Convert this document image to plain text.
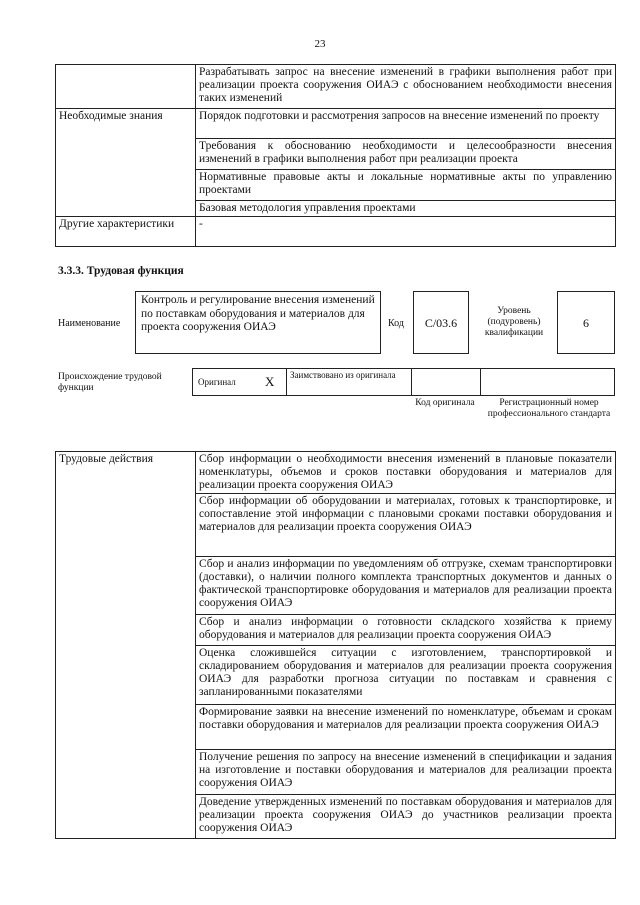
23
	Разрабатывать запрос на внесение изменений в графики выполнения работ при реализации проекта сооружения ОИАЭ с обоснованием необходимости внесения таких изменений
Необходимые знания	Порядок подготовки и рассмотрения запросов на внесение изменений по проекту
	Требования к обоснованию необходимости и целесообразности внесения изменений в графики выполнения работ при реализации проекта
	Нормативные правовые акты и локальные нормативные акты по управлению проектами
	Базовая методология управления проектами
Другие характеристики	-
3.3.3. Трудовая функция
Наименование
Контроль и регулирование внесения изменений по поставкам оборудования и материалов для проекта сооружения ОИАЭ	Код	С/03.6
Уровень (подуровень) квалификации
6
Происхождение трудовой функции
Оригинал X Заимствовано из оригинала
Код оригинала	Регистрационный номер профессионального стандарта
Трудовые действия	Сбор информации о необходимости внесения изменений в плановые показатели номенклатуры, объемов и сроков поставки оборудования и материалов для реализации проекта сооружения ОИАЭ
Сбор информации об оборудовании и материалах, готовых к транспортировке, и сопоставление этой информации с плановыми сроками поставки оборудования и материалов для реализации проекта сооружения ОИАЭ
Сбор и анализ информации по уведомлениям об отгрузке, схемам транспортировки (доставки), о наличии полного комплекта транспортных документов и данных о фактической транспортировке оборудования и материалов для реализации проекта сооружения ОИАЭ
Сбор и анализ информации о готовности складского хозяйства к приему оборудования и материалов для реализации проекта сооружения ОИАЭ
Оценка сложившейся ситуации с изготовлением, транспортировкой и складированием оборудования и материалов для реализации проекта сооружения ОИАЭ для разработки прогноза ситуации по поставкам и сравнения с запланированными показателями
Формирование заявки на внесение изменений по номенклатуре, объемам и срокам поставки оборудования и материалов для реализации проекта сооружения ОИАЭ
Получение решения по запросу на внесение изменений в спецификации и задания на изготовление и поставки оборудования и материалов для реализации проекта сооружения ОИАЭ
Доведение утвержденных изменений по поставкам оборудования и материалов для реализации проекта сооружения ОИАЭ до участников реализации проекта сооружения ОИАЭ
